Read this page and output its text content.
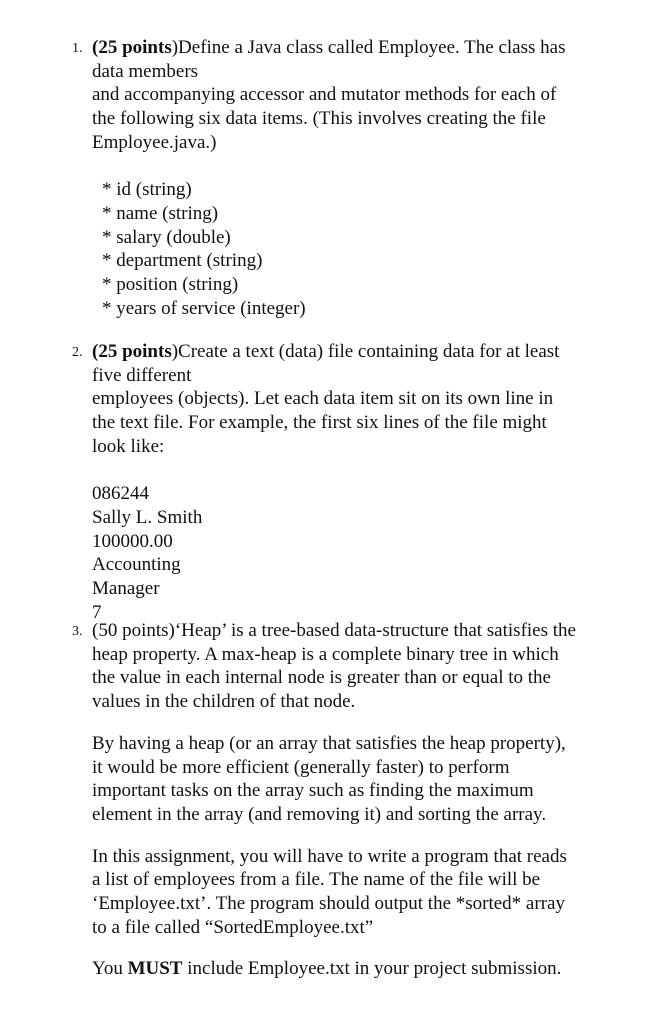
1. (25 points)Define a Java class called Employee. The class has
data members
and accompanying accessor and mutator methods for each of
the following six data items. (This involves creating the file
Employee.java.)
* id (string)
* name (string)
* salary (double)
* department (string)
* position (string)
* years of service (integer)
2. (25 points)Create a text (data) file containing data for at least
five different
employees (objects). Let each data item sit on its own line in
the text file. For example, the first six lines of the file might
look like:
086244
Sally L. Smith
100000.00
Accounting
Manager
7
3. (50 points)‘Heap’ is a tree-based data-structure that satisfies the
heap property. A max-heap is a complete binary tree in which
the value in each internal node is greater than or equal to the
values in the children of that node.
By having a heap (or an array that satisfies the heap property),
it would be more efficient (generally faster) to perform
important tasks on the array such as finding the maximum
element in the array (and removing it) and sorting the array.
In this assignment, you will have to write a program that reads
a list of employees from a file. The name of the file will be
‘Employee.txt’. The program should output the *sorted* array
to a file called “SortedEmployee.txt”
You MUST include Employee.txt in your project submission.
